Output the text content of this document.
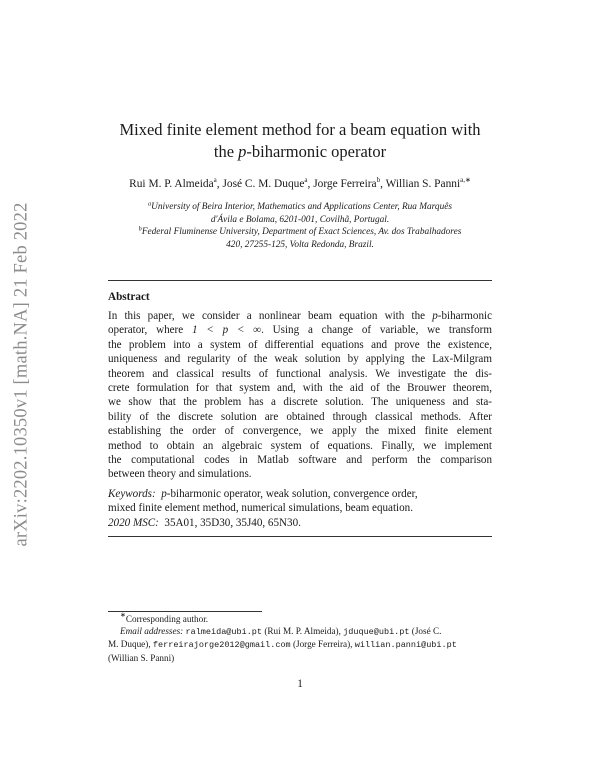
arXiv:2202.10350v1 [math.NA] 21 Feb 2022
Mixed finite element method for a beam equation with
the p-biharmonic operator
Rui M. P. Almeida$^a$, José C. M. Duque$^a$, Jorge Ferreira$^b$, Willian S. Panni$^{a,∗}$
$^a$University of Beira Interior, Mathematics and Applications Center, Rua Marquês
d'Ávila e Bolama, 6201-001, Covilhã, Portugal.
$^b$Federal Fluminense University, Department of Exact Sciences, Av. dos Trabalhadores
420, 27255-125, Volta Redonda, Brazil.
Abstract
In this paper, we consider a nonlinear beam equation with the p-biharmonic
operator, where 1 < p < ∞. Using a change of variable, we transform
the problem into a system of differential equations and prove the existence,
uniqueness and regularity of the weak solution by applying the Lax-Milgram
theorem and classical results of functional analysis. We investigate the dis-
crete formulation for that system and, with the aid of the Brouwer theorem,
we show that the problem has a discrete solution. The uniqueness and sta-
bility of the discrete solution are obtained through classical methods. After
establishing the order of convergence, we apply the mixed finite element
method to obtain an algebraic system of equations. Finally, we implement
the computational codes in Matlab software and perform the comparison
between theory and simulations.
Keywords: p-biharmonic operator, weak solution, convergence order,
mixed finite element method, numerical simulations, beam equation.
2020 MSC: 35A01, 35D30, 35J40, 65N30.
∗Corresponding author.
Email addresses: ralmeida@ubi.pt (Rui M. P. Almeida), jduque@ubi.pt (José C.
M. Duque), ferreirajorge2012@gmail.com (Jorge Ferreira), willian.panni@ubi.pt
(Willian S. Panni)
1
